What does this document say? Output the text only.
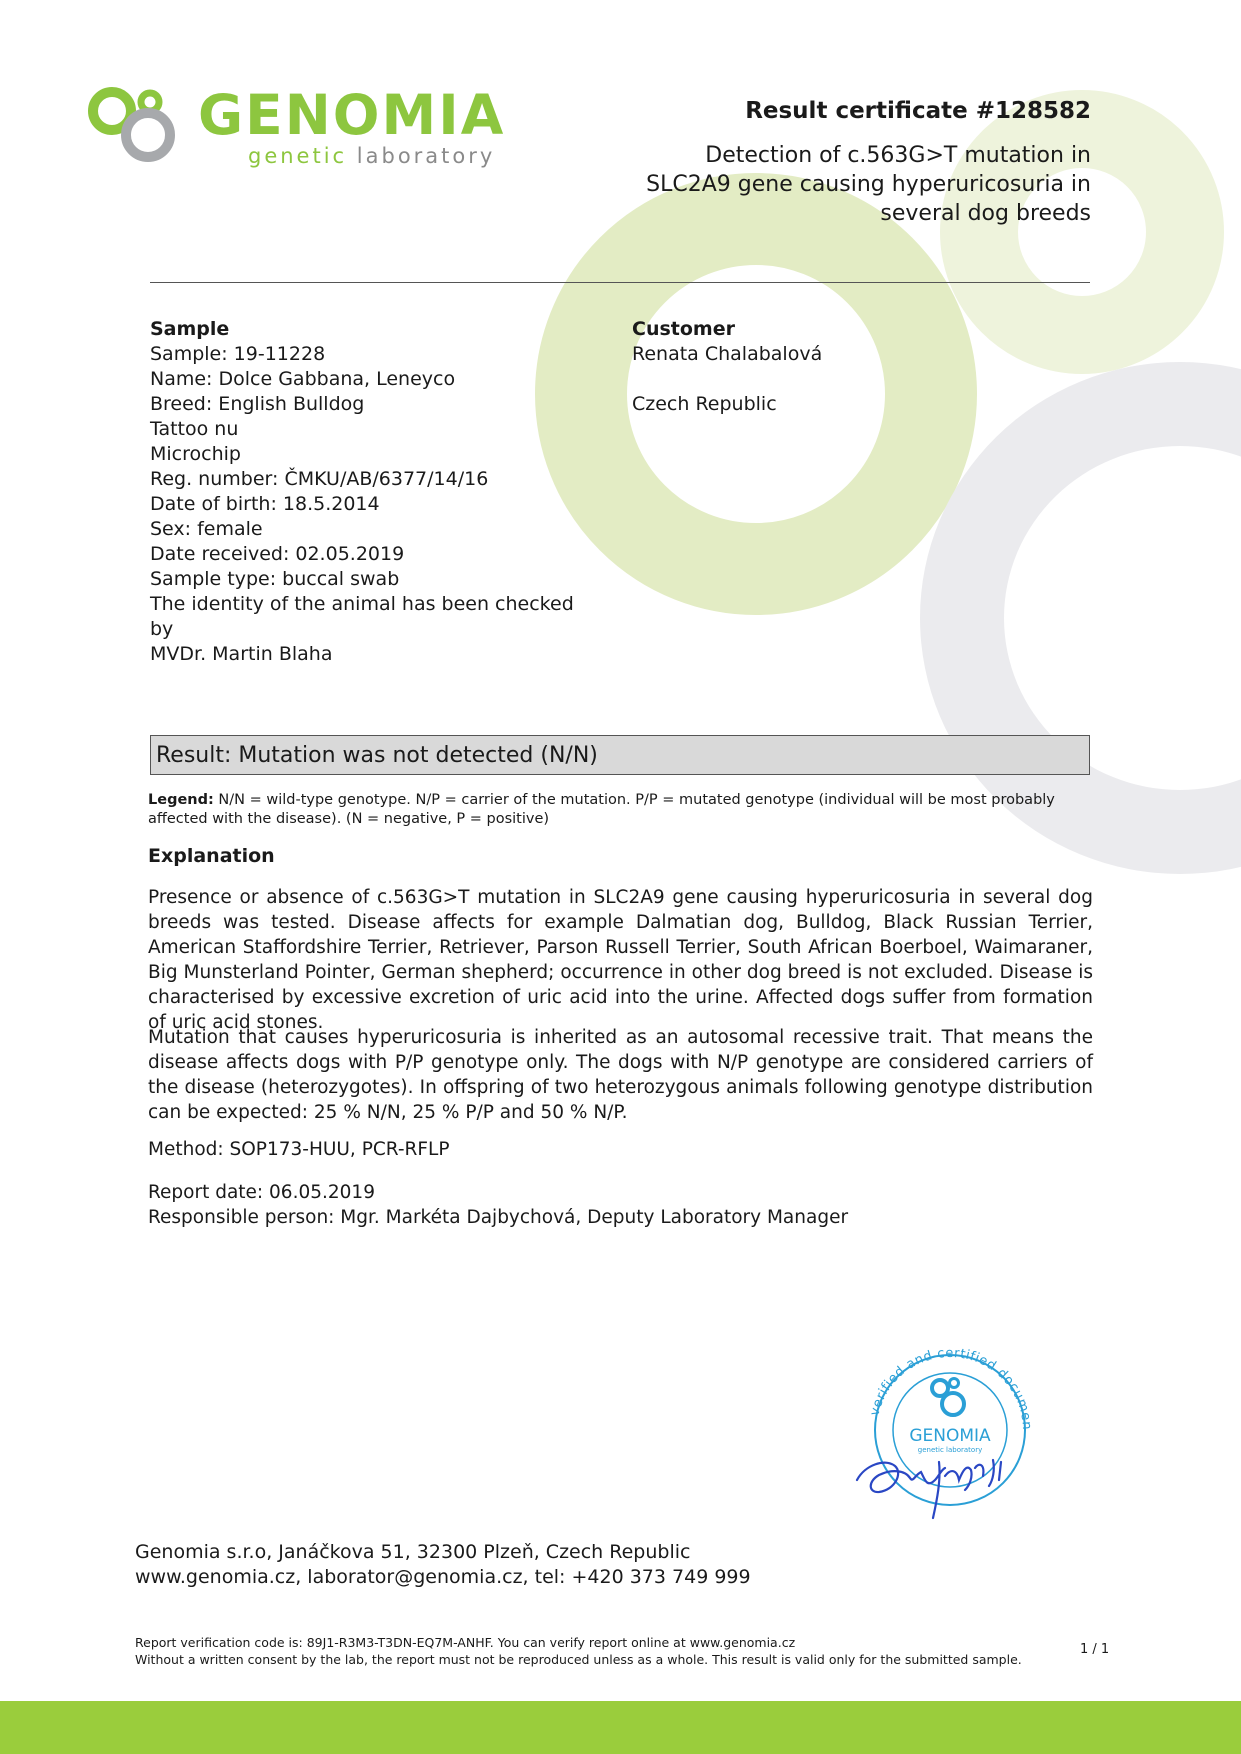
GENOMIA
genetic laboratory
Result certificate #128582
Detection of c.563G>T mutation in SLC2A9 gene causing hyperuricosuria in several dog breeds
Sample
Sample: 19-11228
Name: Dolce Gabbana, Leneyco
Breed: English Bulldog
Tattoo nu
Microchip
Reg. number: ČMKU/AB/6377/14/16
Date of birth: 18.5.2014
Sex: female
Date received: 02.05.2019
Sample type: buccal swab
The identity of the animal has been checked by
MVDr. Martin Blaha
Customer
Renata Chalabalová
Czech Republic
Result: Mutation was not detected (N/N)
Legend: N/N = wild-type genotype. N/P = carrier of the mutation. P/P = mutated genotype (individual will be most probably affected with the disease). (N = negative, P = positive)
Explanation
Presence or absence of c.563G>T mutation in SLC2A9 gene causing hyperuricosuria in several dog breeds was tested. Disease affects for example Dalmatian dog, Bulldog, Black Russian Terrier, American Staffordshire Terrier, Retriever, Parson Russell Terrier, South African Boerboel, Waimaraner, Big Munsterland Pointer, German shepherd; occurrence in other dog breed is not excluded. Disease is characterised by excessive excretion of uric acid into the urine. Affected dogs suffer from formation of uric acid stones.
Mutation that causes hyperuricosuria is inherited as an autosomal recessive trait. That means the disease affects dogs with P/P genotype only. The dogs with N/P genotype are considered carriers of the disease (heterozygotes). In offspring of two heterozygous animals following genotype distribution can be expected: 25 % N/N, 25 % P/P and 50 % N/P.
Method: SOP173-HUU, PCR-RFLP
Report date: 06.05.2019
Responsible person: Mgr. Markéta Dajbychová, Deputy Laboratory Manager
verified and certified documen
GENOMIA
genetic laboratory
Genomia s.r.o, Janáčkova 51, 32300 Plzeň, Czech Republic
www.genomia.cz, laborator@genomia.cz, tel: +420 373 749 999
Report verification code is: 89J1-R3M3-T3DN-EQ7M-ANHF. You can verify report online at www.genomia.cz
Without a written consent by the lab, the report must not be reproduced unless as a whole. This result is valid only for the submitted sample.
1 / 1
